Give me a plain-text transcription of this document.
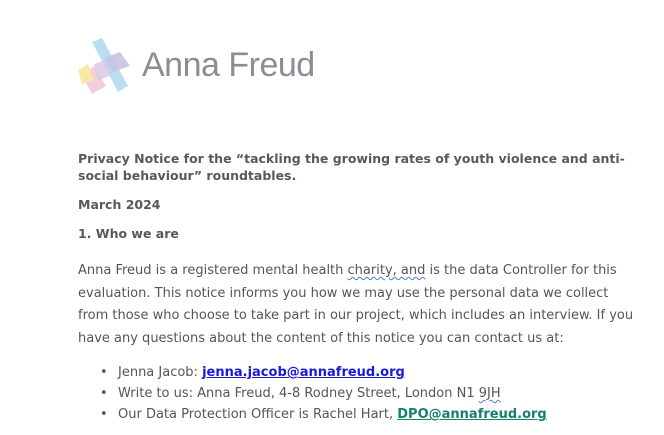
Anna Freud
Privacy Notice for the “tackling the growing rates of youth violence and anti-social behaviour” roundtables.
March 2024
1. Who we are

Anna Freud is a registered mental health charity, and is the data Controller for this evaluation. This notice informs you how we may use the personal data we collect from those who choose to take part in our project, which includes an interview. If you have any questions about the content of this notice you can contact us at:

• Jenna Jacob: jenna.jacob@annafreud.org
• Write to us: Anna Freud, 4-8 Rodney Street, London N1 9JH
• Our Data Protection Officer is Rachel Hart, DPO@annafreud.org
